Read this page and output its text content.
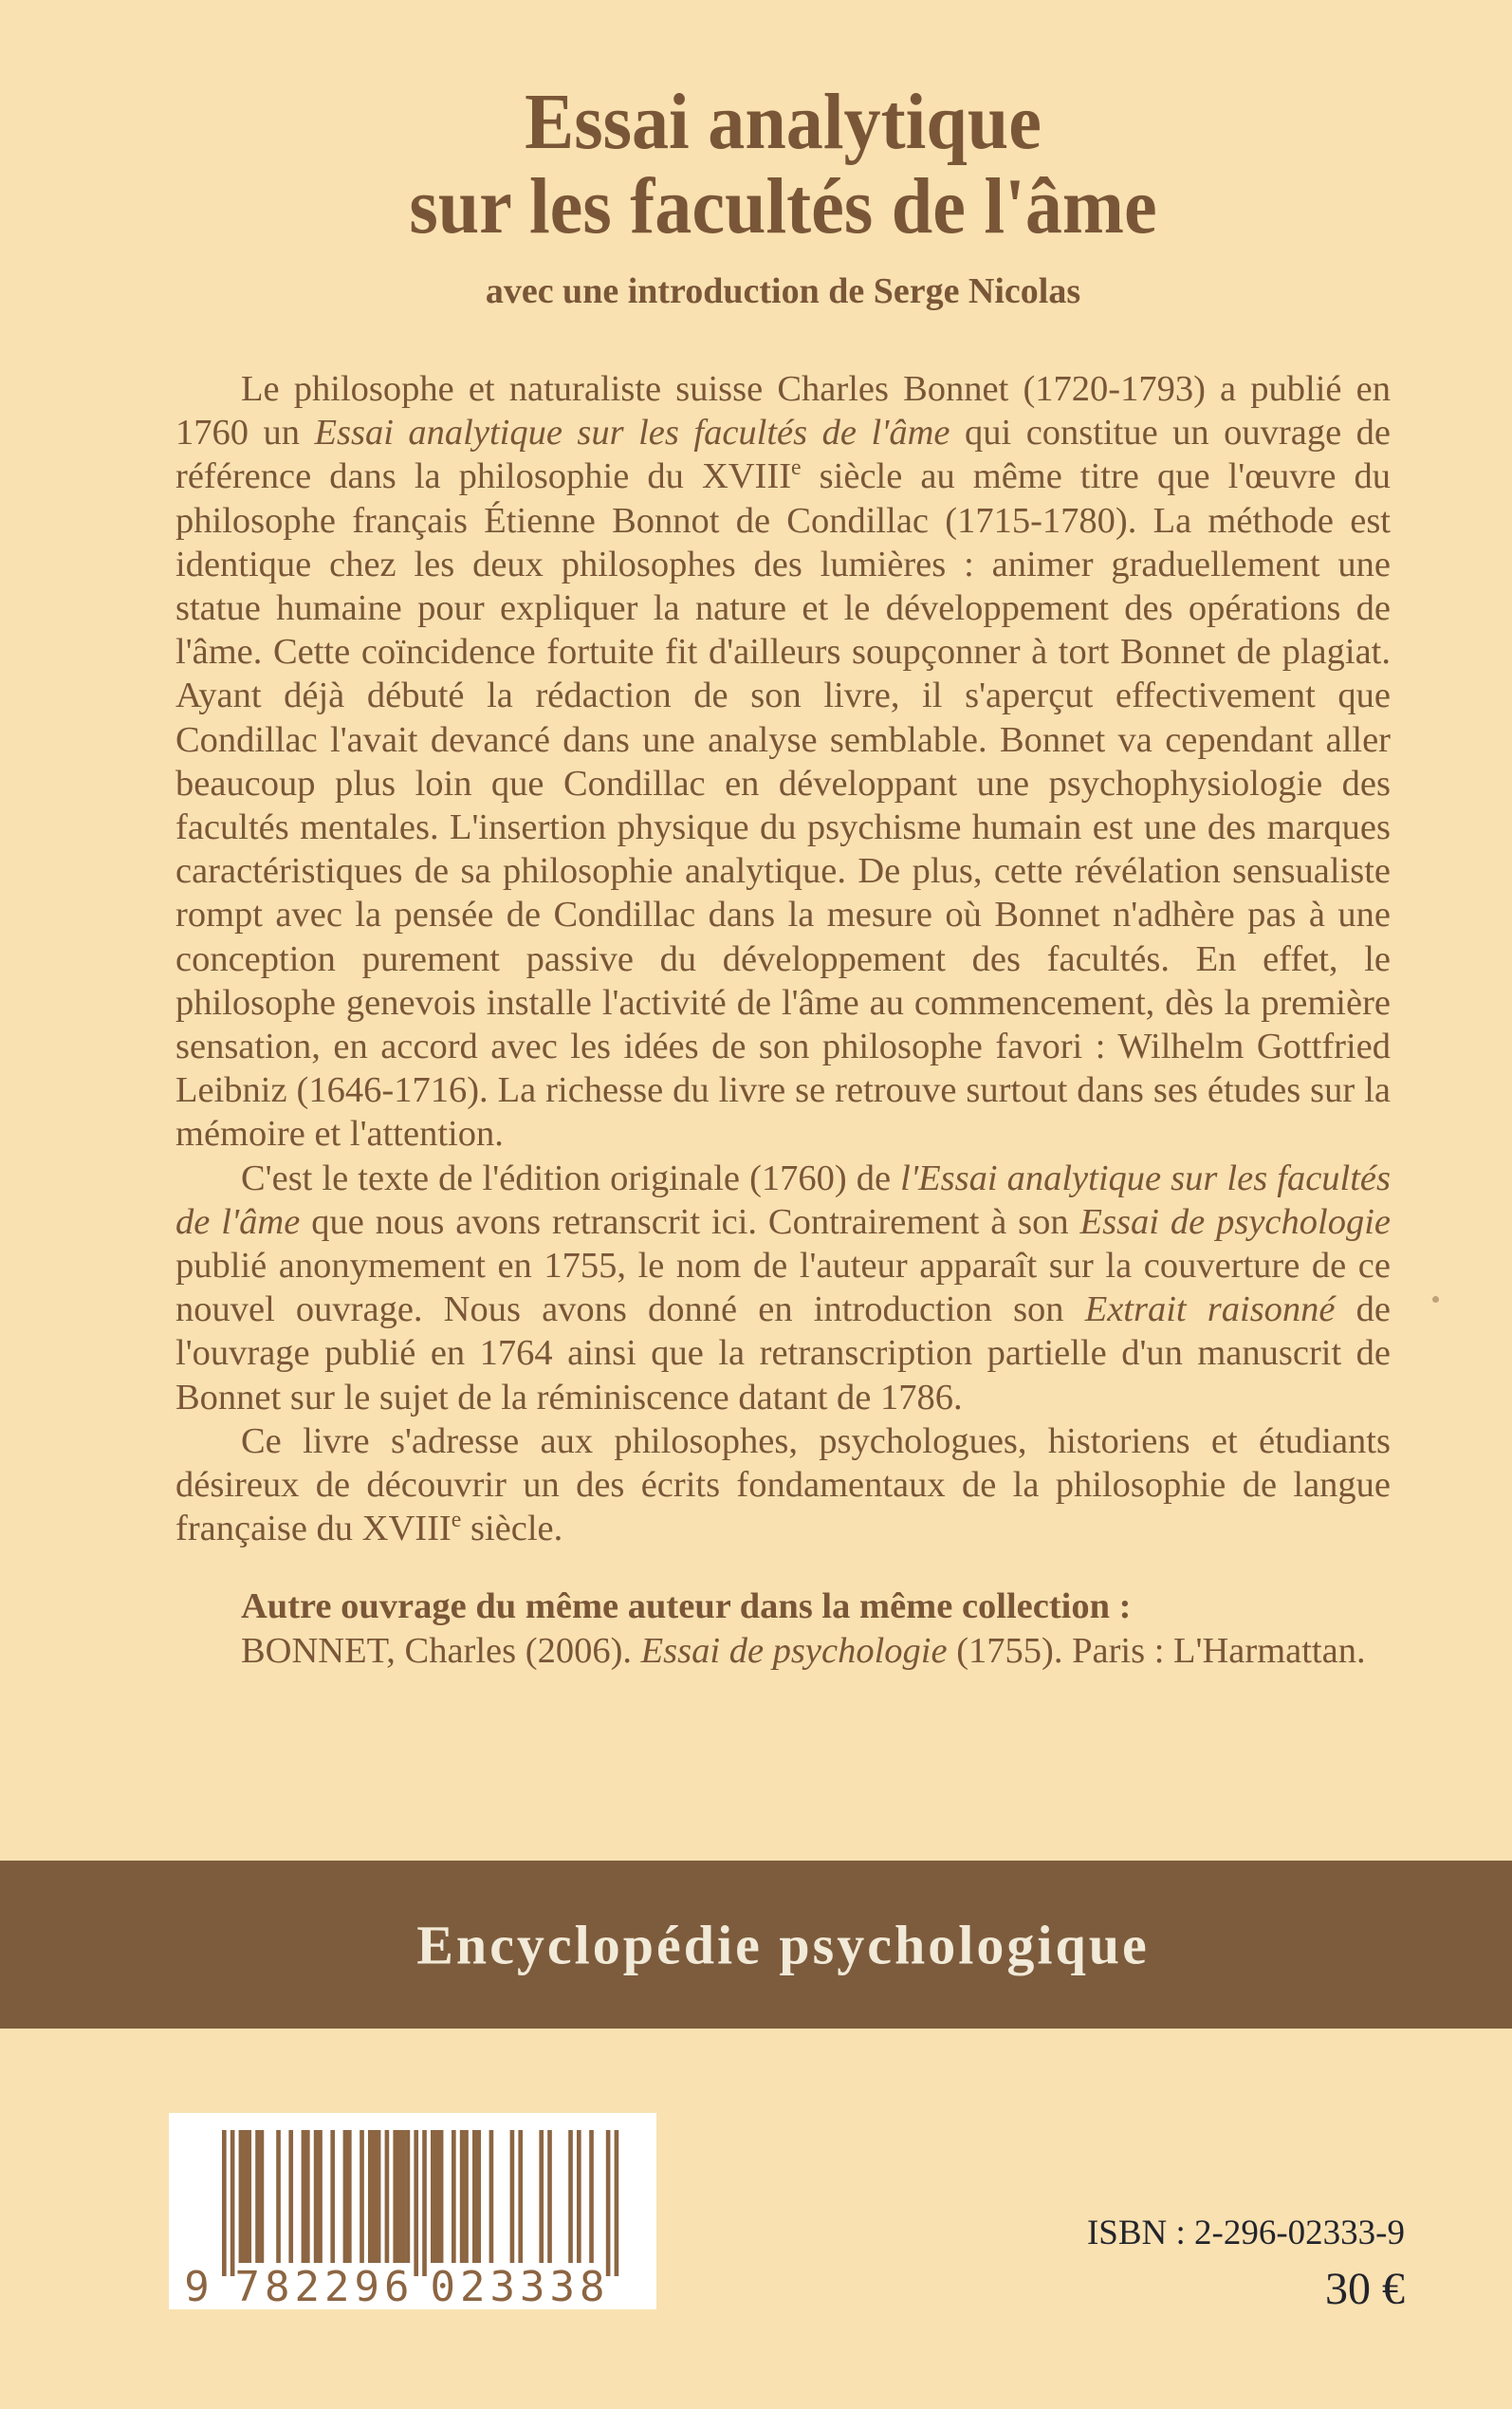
Essai analytique
sur les facultés de l'âme
avec une introduction de Serge Nicolas

Le philosophe et naturaliste suisse Charles Bonnet (1720-1793) a publié en 1760 un Essai analytique sur les facultés de l'âme qui constitue un ouvrage de référence dans la philosophie du XVIIIe siècle au même titre que l'œuvre du philosophe français Étienne Bonnot de Condillac (1715-1780). La méthode est identique chez les deux philosophes des lumières : animer graduellement une statue humaine pour expliquer la nature et le développement des opérations de l'âme. Cette coïncidence fortuite fit d'ailleurs soupçonner à tort Bonnet de plagiat. Ayant déjà débuté la rédaction de son livre, il s'aperçut effectivement que Condillac l'avait devancé dans une analyse semblable. Bonnet va cependant aller beaucoup plus loin que Condillac en développant une psychophysiologie des facultés mentales. L'insertion physique du psychisme humain est une des marques caractéristiques de sa philosophie analytique. De plus, cette révélation sensualiste rompt avec la pensée de Condillac dans la mesure où Bonnet n'adhère pas à une conception purement passive du développement des facultés. En effet, le philosophe genevois installe l'activité de l'âme au commencement, dès la première sensation, en accord avec les idées de son philosophe favori : Wilhelm Gottfried Leibniz (1646-1716). La richesse du livre se retrouve surtout dans ses études sur la mémoire et l'attention.

C'est le texte de l'édition originale (1760) de l'Essai analytique sur les facultés de l'âme que nous avons retranscrit ici. Contrairement à son Essai de psychologie publié anonymement en 1755, le nom de l'auteur apparaît sur la couverture de ce nouvel ouvrage. Nous avons donné en introduction son Extrait raisonné de l'ouvrage publié en 1764 ainsi que la retranscription partielle d'un manuscrit de Bonnet sur le sujet de la réminiscence datant de 1786.

Ce livre s'adresse aux philosophes, psychologues, historiens et étudiants désireux de découvrir un des écrits fondamentaux de la philosophie de langue française du XVIIIe siècle.

Autre ouvrage du même auteur dans la même collection :

BONNET, Charles (2006). Essai de psychologie (1755). Paris : L'Harmattan.

Encyclopédie psychologique
9 782296 023338
ISBN : 2-296-02333-9
30 €
